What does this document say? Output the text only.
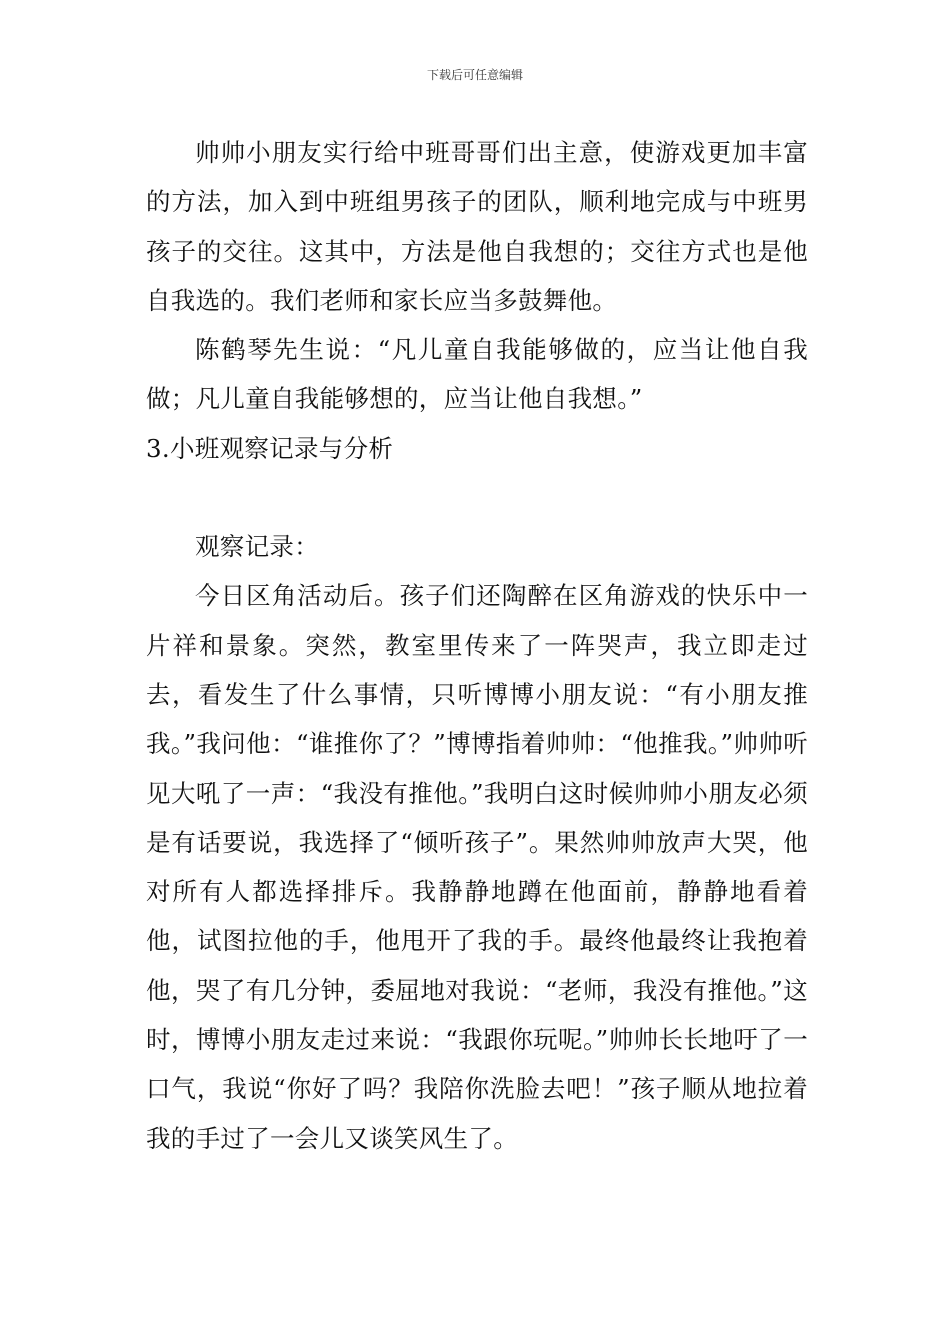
下载后可任意编辑

帅帅小朋友实行给中班哥哥们出主意，使游戏更加丰富的方法，加入到中班组男孩子的团队，顺利地完成与中班男孩子的交往。这其中，方法是他自我想的；交往方式也是他自我选的。我们老师和家长应当多鼓舞他。

陈鹤琴先生说：“凡儿童自我能够做的，应当让他自我做；凡儿童自我能够想的，应当让他自我想。”

3.小班观察记录与分析

观察记录：

今日区角活动后。孩子们还陶醉在区角游戏的快乐中一片祥和景象。突然，教室里传来了一阵哭声，我立即走过去，看发生了什么事情，只听博博小朋友说：“有小朋友推我。”我问他：“谁推你了？”博博指着帅帅：“他推我。”帅帅听见大吼了一声：“我没有推他。”我明白这时候帅帅小朋友必须是有话要说，我选择了“倾听孩子”。果然帅帅放声大哭，他对所有人都选择排斥。我静静地蹲在他面前，静静地看着他，试图拉他的手，他甩开了我的手。最终他最终让我抱着他，哭了有几分钟，委屈地对我说：“老师，我没有推他。”这时，博博小朋友走过来说：“我跟你玩呢。”帅帅长长地吁了一口气，我说“你好了吗？我陪你洗脸去吧！”孩子顺从地拉着我的手过了一会儿又谈笑风生了。
